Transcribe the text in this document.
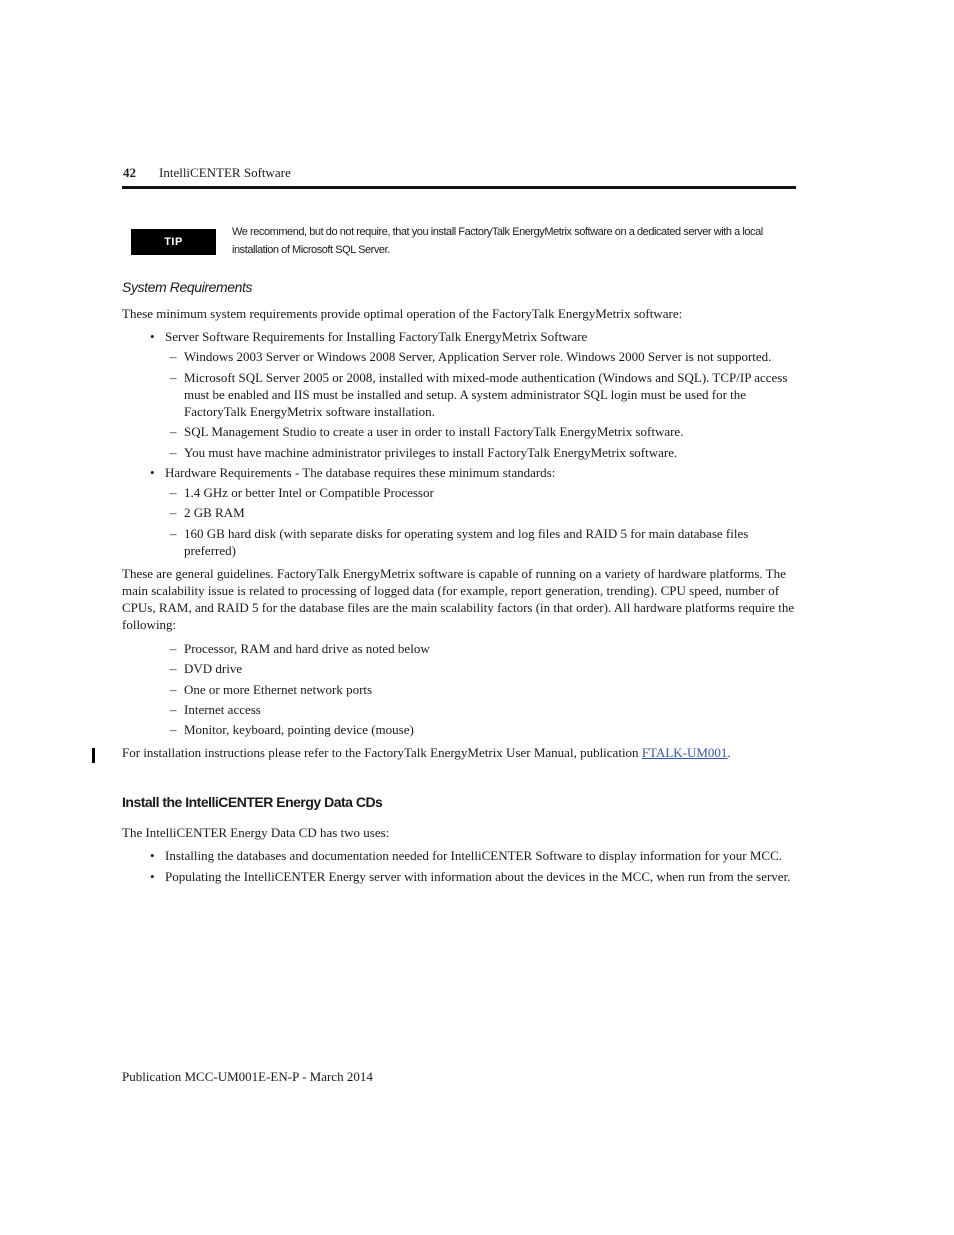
42 IntelliCENTER Software
TIP
We recommend, but do not require, that you install FactoryTalk EnergyMetrix software on a dedicated server with a local installation of Microsoft SQL Server.
System Requirements
These minimum system requirements provide optimal operation of the FactoryTalk EnergyMetrix software:
• Server Software Requirements for Installing FactoryTalk EnergyMetrix Software
– Windows 2003 Server or Windows 2008 Server, Application Server role. Windows 2000 Server is not supported.
– Microsoft SQL Server 2005 or 2008, installed with mixed-mode authentication (Windows and SQL). TCP/IP access must be enabled and IIS must be installed and setup. A system administrator SQL login must be used for the FactoryTalk EnergyMetrix software installation.
– SQL Management Studio to create a user in order to install FactoryTalk EnergyMetrix software.
– You must have machine administrator privileges to install FactoryTalk EnergyMetrix software.
• Hardware Requirements - The database requires these minimum standards:
– 1.4 GHz or better Intel or Compatible Processor
– 2 GB RAM
– 160 GB hard disk (with separate disks for operating system and log files and RAID 5 for main database files preferred)
These are general guidelines. FactoryTalk EnergyMetrix software is capable of running on a variety of hardware platforms. The main scalability issue is related to processing of logged data (for example, report generation, trending). CPU speed, number of CPUs, RAM, and RAID 5 for the database files are the main scalability factors (in that order). All hardware platforms require the following:
– Processor, RAM and hard drive as noted below
– DVD drive
– One or more Ethernet network ports
– Internet access
– Monitor, keyboard, pointing device (mouse)
For installation instructions please refer to the FactoryTalk EnergyMetrix User Manual, publication FTALK-UM001.
Install the IntelliCENTER Energy Data CDs
The IntelliCENTER Energy Data CD has two uses:
• Installing the databases and documentation needed for IntelliCENTER Software to display information for your MCC.
• Populating the IntelliCENTER Energy server with information about the devices in the MCC, when run from the server.
Publication MCC-UM001E-EN-P - March 2014
